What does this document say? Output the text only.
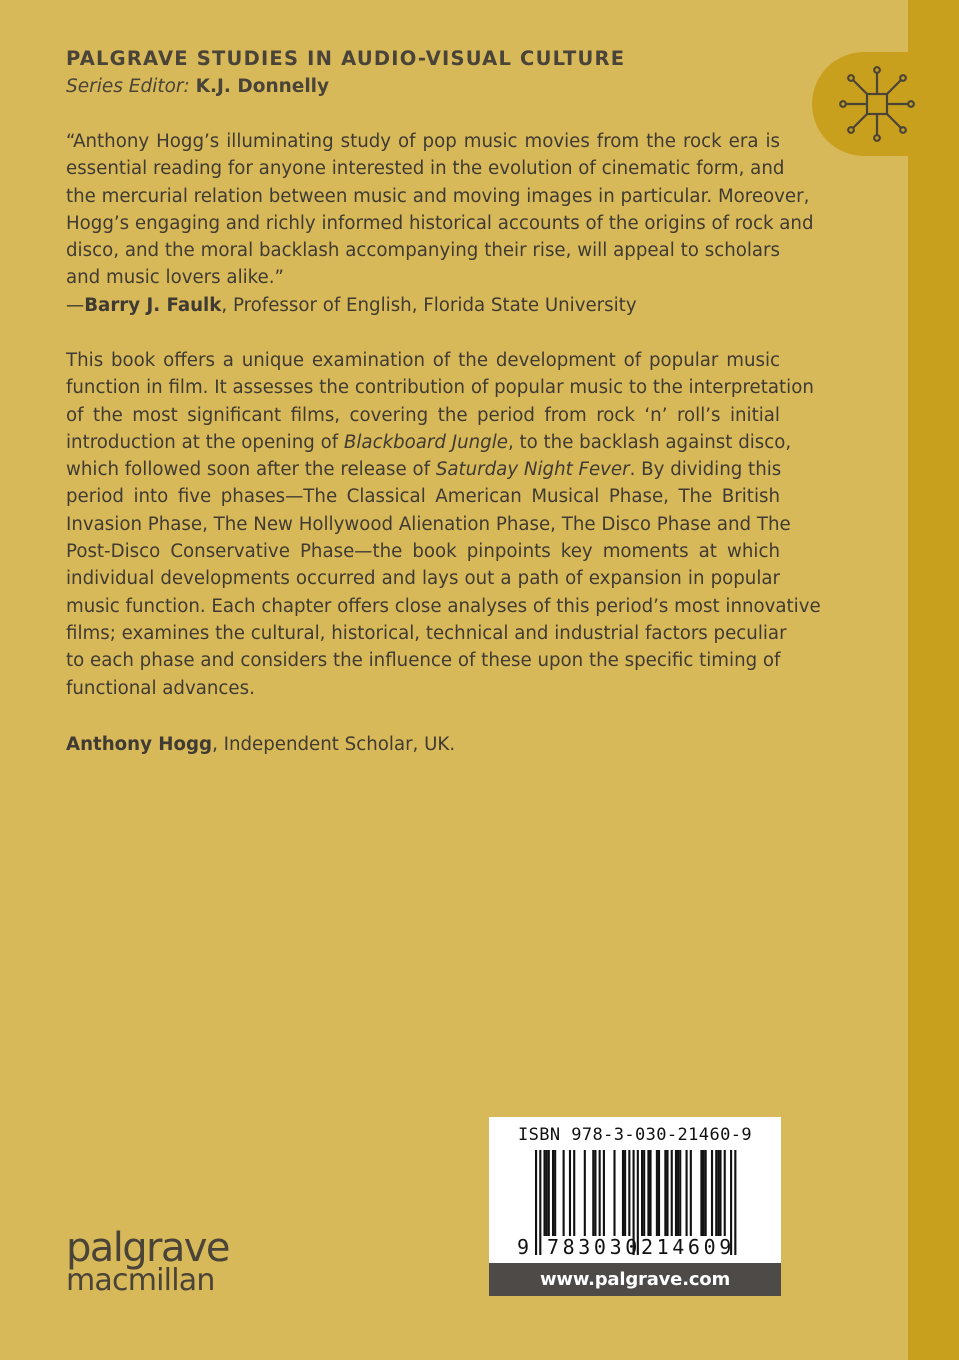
PALGRAVE STUDIES IN AUDIO-VISUAL CULTURE
Series Editor: K.J. Donnelly
“Anthony Hogg’s illuminating study of pop music movies from the rock era is
essential reading for anyone interested in the evolution of cinematic form, and
the mercurial relation between music and moving images in particular. Moreover,
Hogg’s engaging and richly informed historical accounts of the origins of rock and
disco, and the moral backlash accompanying their rise, will appeal to scholars
and music lovers alike.”
—Barry J. Faulk, Professor of English, Florida State University
This book offers a unique examination of the development of popular music
function in film. It assesses the contribution of popular music to the interpretation
of the most significant films, covering the period from rock ‘n’ roll’s initial
introduction at the opening of Blackboard Jungle, to the backlash against disco,
which followed soon after the release of Saturday Night Fever. By dividing this
period into five phases—The Classical American Musical Phase, The British
Invasion Phase, The New Hollywood Alienation Phase, The Disco Phase and The
Post-Disco Conservative Phase—the book pinpoints key moments at which
individual developments occurred and lays out a path of expansion in popular
music function. Each chapter offers close analyses of this period’s most innovative
films; examines the cultural, historical, technical and industrial factors peculiar
to each phase and considers the influence of these upon the specific timing of
functional advances.
Anthony Hogg, Independent Scholar, UK.
palgrave
macmillan
ISBN 978-3-030-21460-9
9 783030 214609
www.palgrave.com
